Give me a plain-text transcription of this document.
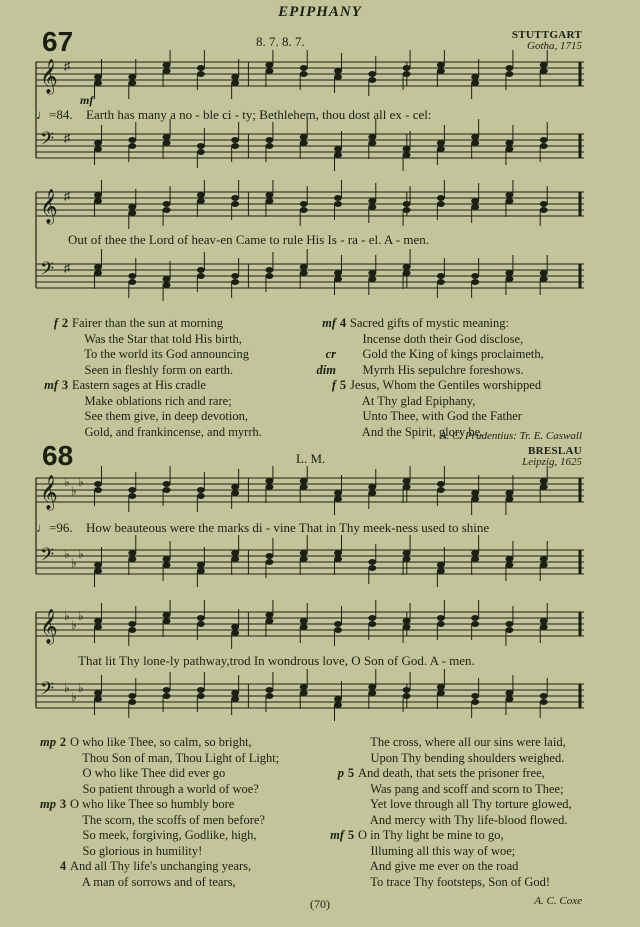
EPIPHANY
67	8. 7. 8. 7.	STUTTGART
Gotha, 1715
𝄞 ♯
𝄢 ♯
mf
♩=84. Earth has many a no - ble ci - ty; Bethlehem, thou dost all ex - cel:
𝄞 ♯
𝄢 ♯
Out of thee the Lord of heav-en Came to rule His Is - ra - el. A - men.
f 2 Fairer than the sun at morning
Was the Star that told His birth,
To the world its God announcing
Seen in fleshly form on earth.
mf 3 Eastern sages at His cradle
Make oblations rich and rare;
See them give, in deep devotion,
Gold, and frankincense, and myrrh.
mf 4 Sacred gifts of mystic meaning:
Incense doth their God disclose,
cr    Gold the King of kings proclaimeth,
dim    Myrrh His sepulchre foreshows.
f 5 Jesus, Whom the Gentiles worshipped
At Thy glad Epiphany,
Unto Thee, with God the Father
And the Spirit, glory be.
A. C. Prudentius: Tr. E. Caswall
68	L. M.	BRESLAU
Leipzig, 1625
𝄞 ♭
♭
♭
𝄢 ♭
♭
♭
♩=96. How beauteous were the marks di - vine That in Thy meek-ness used to shine
𝄞 ♭
♭
♭
𝄢 ♭
♭
♭
That lit Thy lone-ly pathway,trod In wondrous love, O Son of God. A - men.
mp 2 O who like Thee, so calm, so bright,
Thou Son of man, Thou Light of Light;
O who like Thee did ever go
So patient through a world of woe?
mp 3 O who like Thee so humbly bore
The scorn, the scoffs of men before?
So meek, forgiving, Godlike, high,
So glorious in humility!
4 And all Thy life's unchanging years,
A man of sorrows and of tears,
The cross, where all our sins were laid,
Upon Thy bending shoulders weighed.
p 5 And death, that sets the prisoner free,
Was pang and scoff and scorn to Thee;
Yet love through all Thy torture glowed,
And mercy with Thy life-blood flowed.
mf 5 O in Thy light be mine to go,
Illuming all this way of woe;
And give me ever on the road
To trace Thy footsteps, Son of God!
A. C. Coxe
(70)
